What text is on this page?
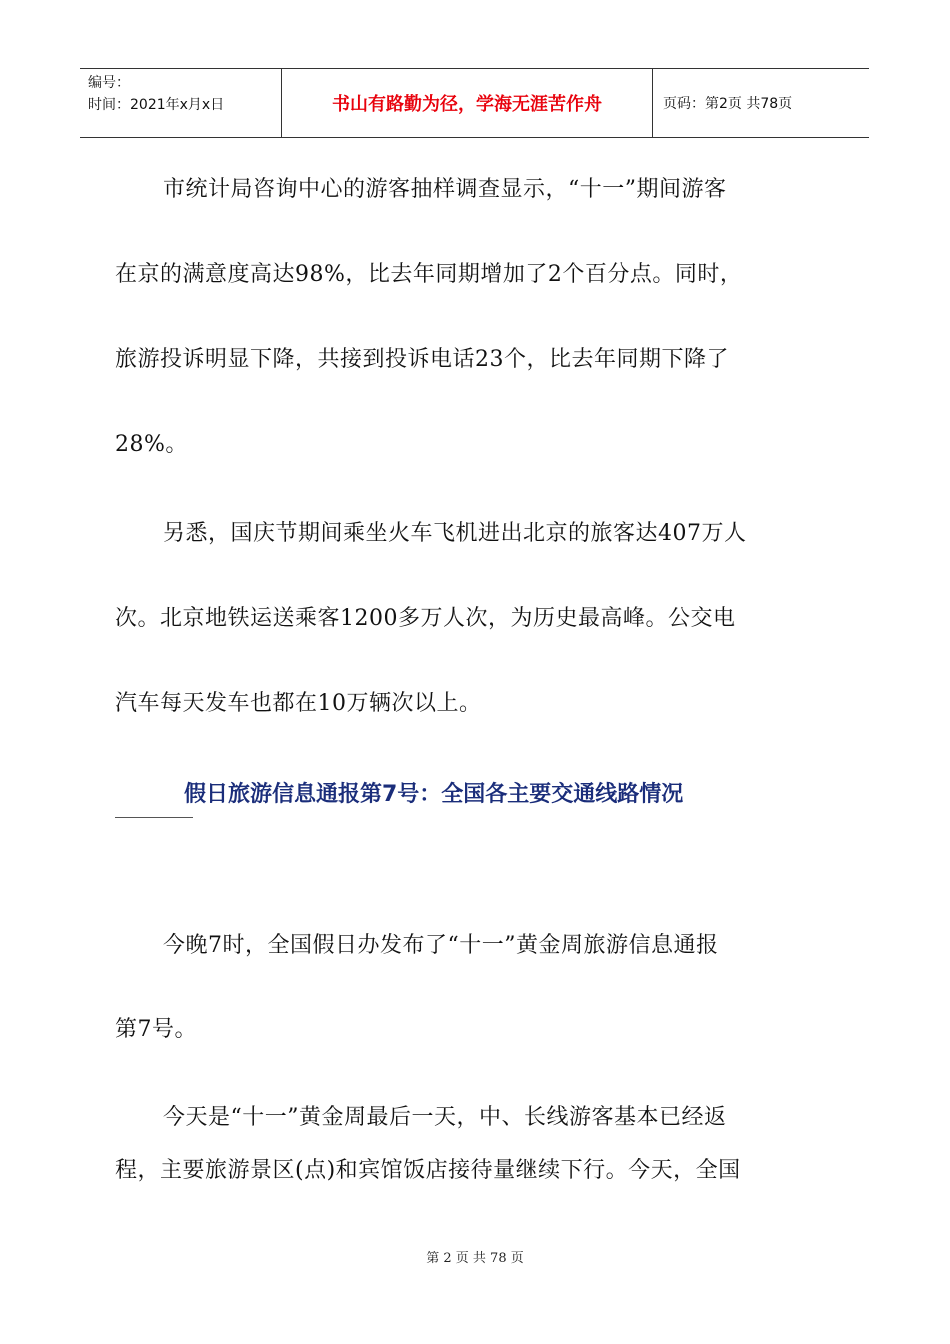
编号：
时间：2021年x月x日	书山有路勤为径，学海无涯苦作舟	页码：第2页 共78页
市统计局咨询中心的游客抽样调查显示，“十一”期间游客
在京的满意度高达98%，比去年同期增加了2个百分点。同时，
旅游投诉明显下降，共接到投诉电话23个，比去年同期下降了
28%。
另悉，国庆节期间乘坐火车飞机进出北京的旅客达407万人
次。北京地铁运送乘客1200多万人次，为历史最高峰。公交电
汽车每天发车也都在10万辆次以上。
假日旅游信息通报第7号：全国各主要交通线路情况
今晚7时，全国假日办发布了“十一”黄金周旅游信息通报
第7号。
今天是“十一”黄金周最后一天，中、长线游客基本已经返
程，主要旅游景区(点)和宾馆饭店接待量继续下行。今天，全国
第 2 页 共 78 页
